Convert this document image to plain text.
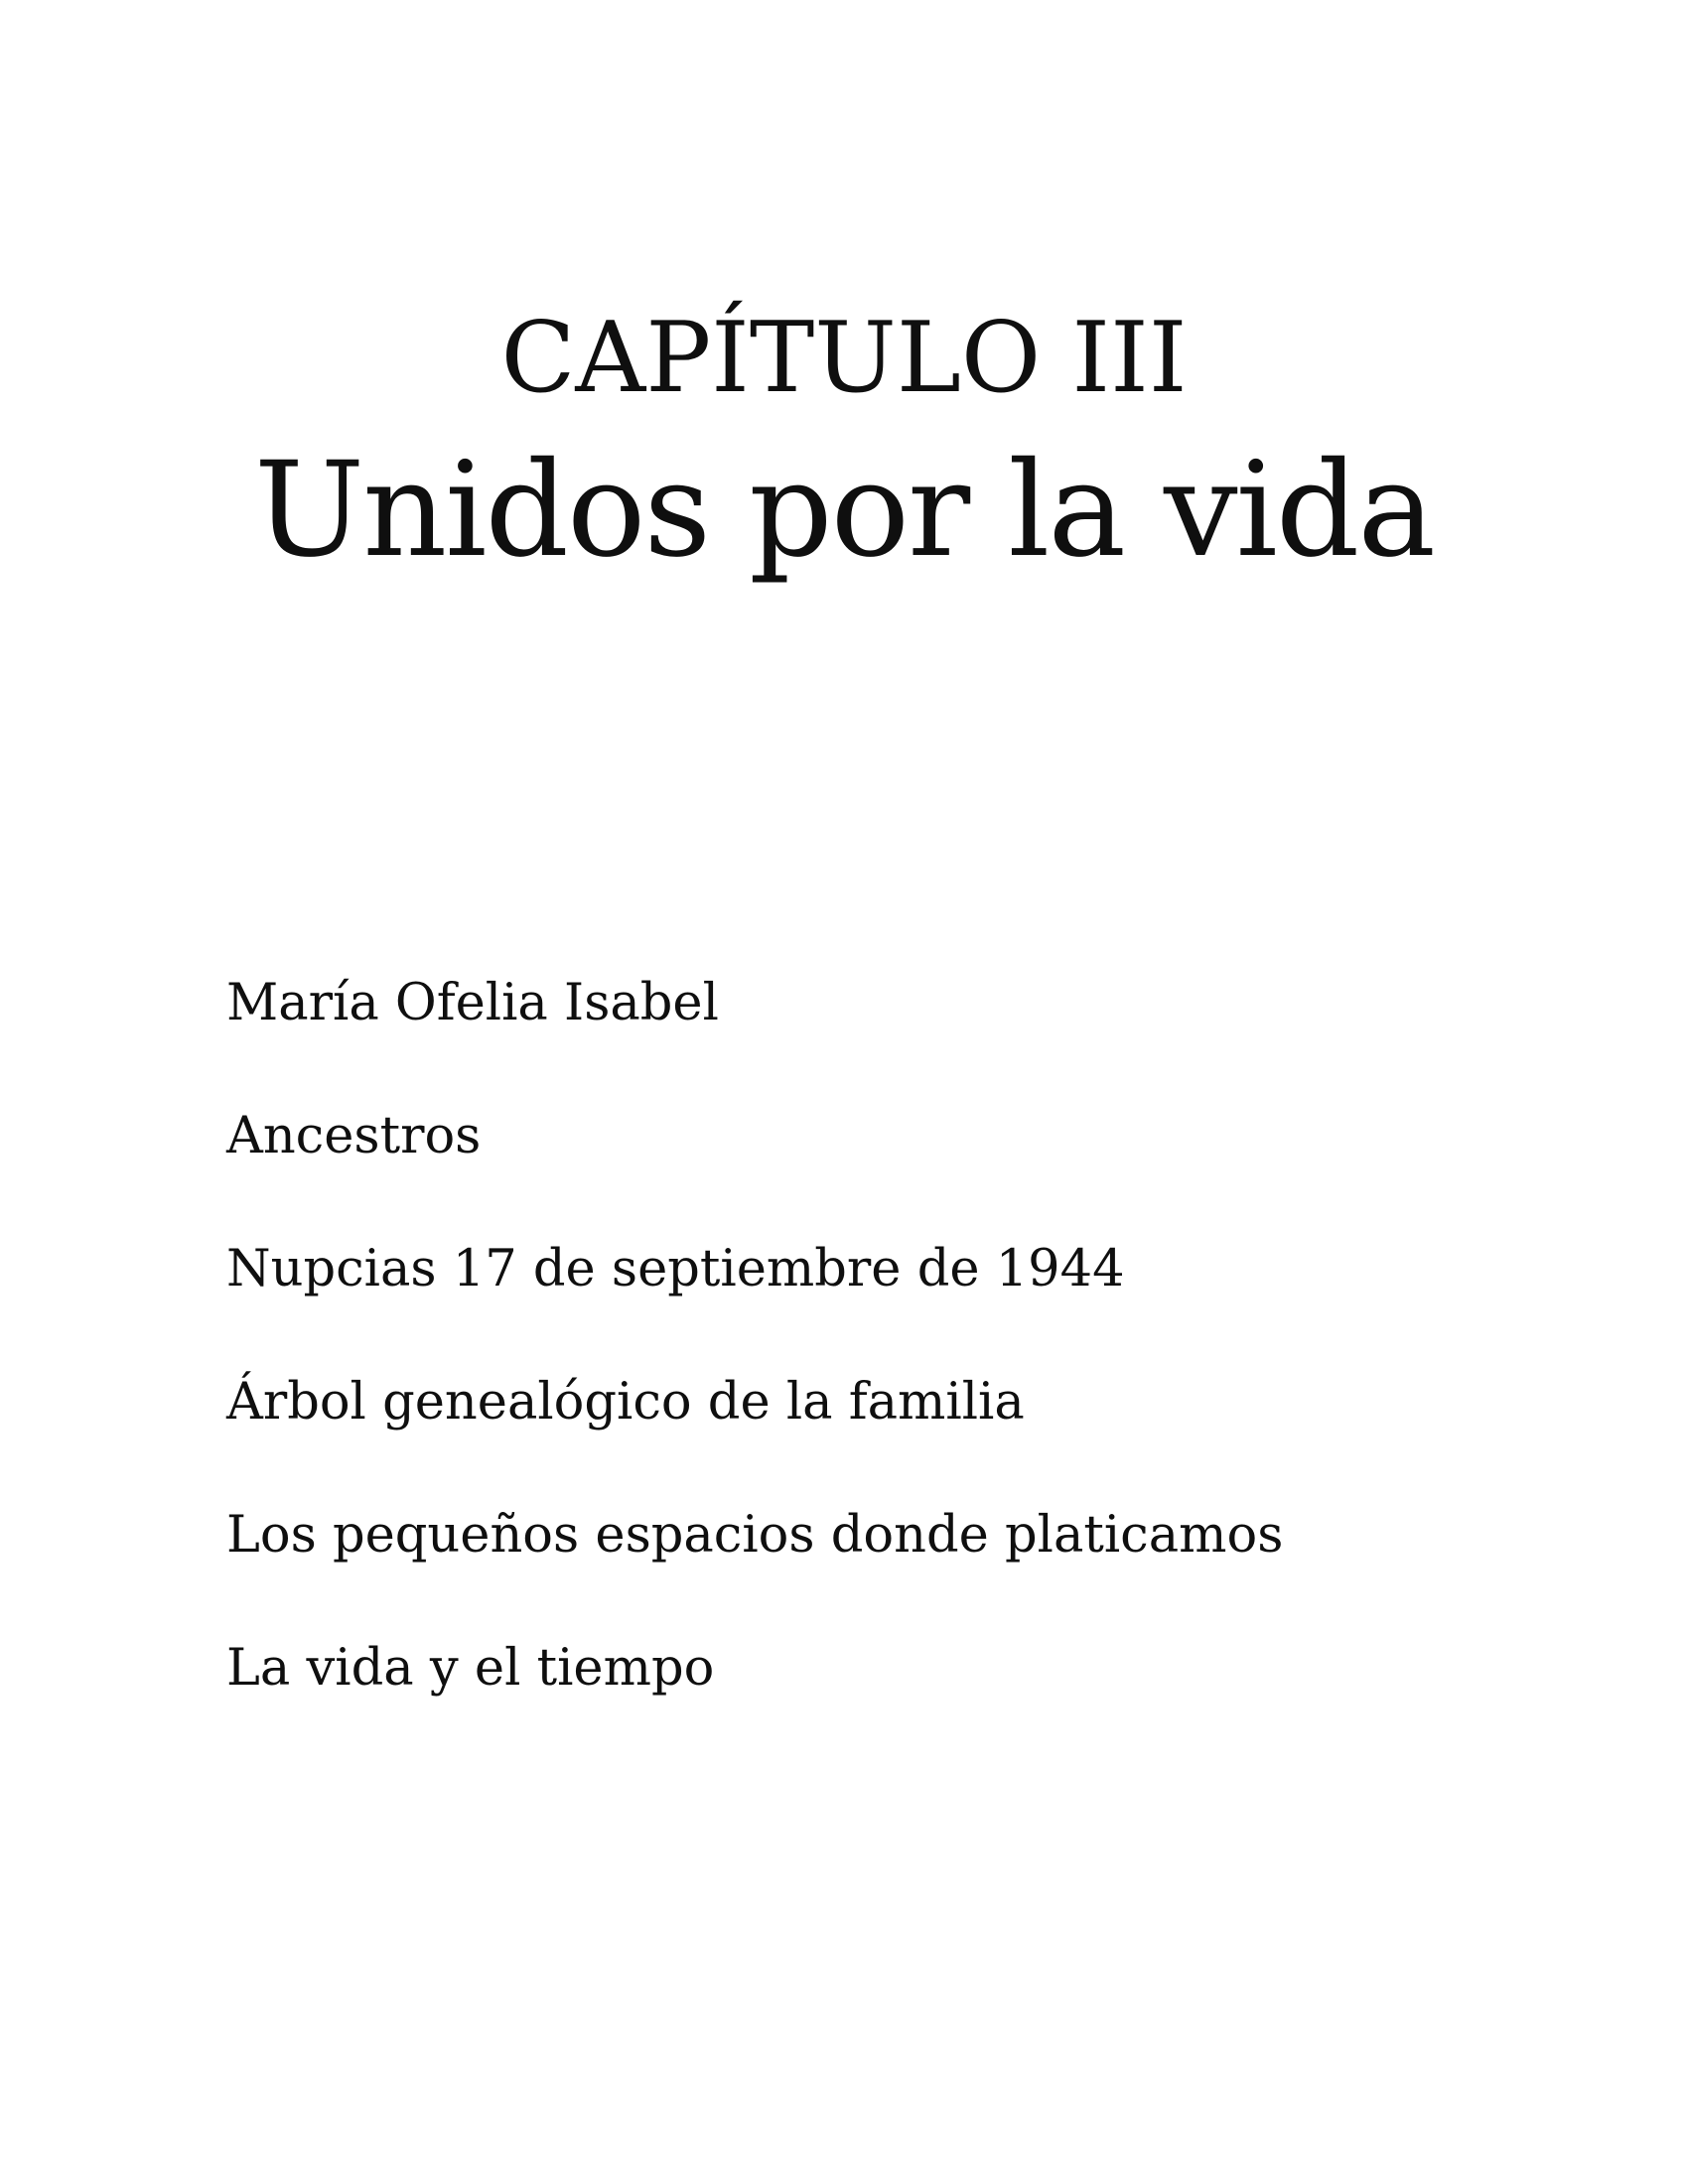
CAPÍTULO III
Unidos por la vida

María Ofelia Isabel

Ancestros

Nupcias 17 de septiembre de 1944

Árbol genealógico de la familia

Los pequeños espacios donde platicamos

La vida y el tiempo
